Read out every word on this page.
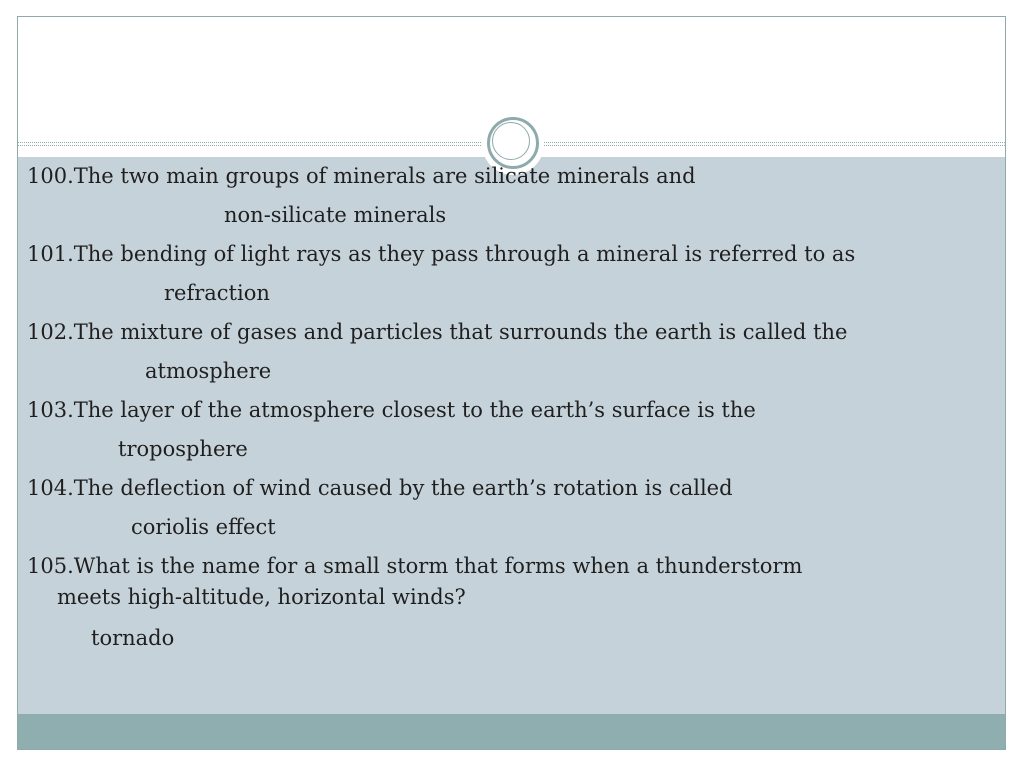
100.The two main groups of minerals are silicate minerals and
non-silicate minerals
101.The bending of light rays as they pass through a mineral is referred to as
refraction
102.The mixture of gases and particles that surrounds the earth is called the
atmosphere
103.The layer of the atmosphere closest to the earth’s surface is the
troposphere
104.The deflection of wind caused by the earth’s rotation is called
coriolis effect
105.What is the name for a small storm that forms when a thunderstorm
meets high-altitude, horizontal winds?
tornado
